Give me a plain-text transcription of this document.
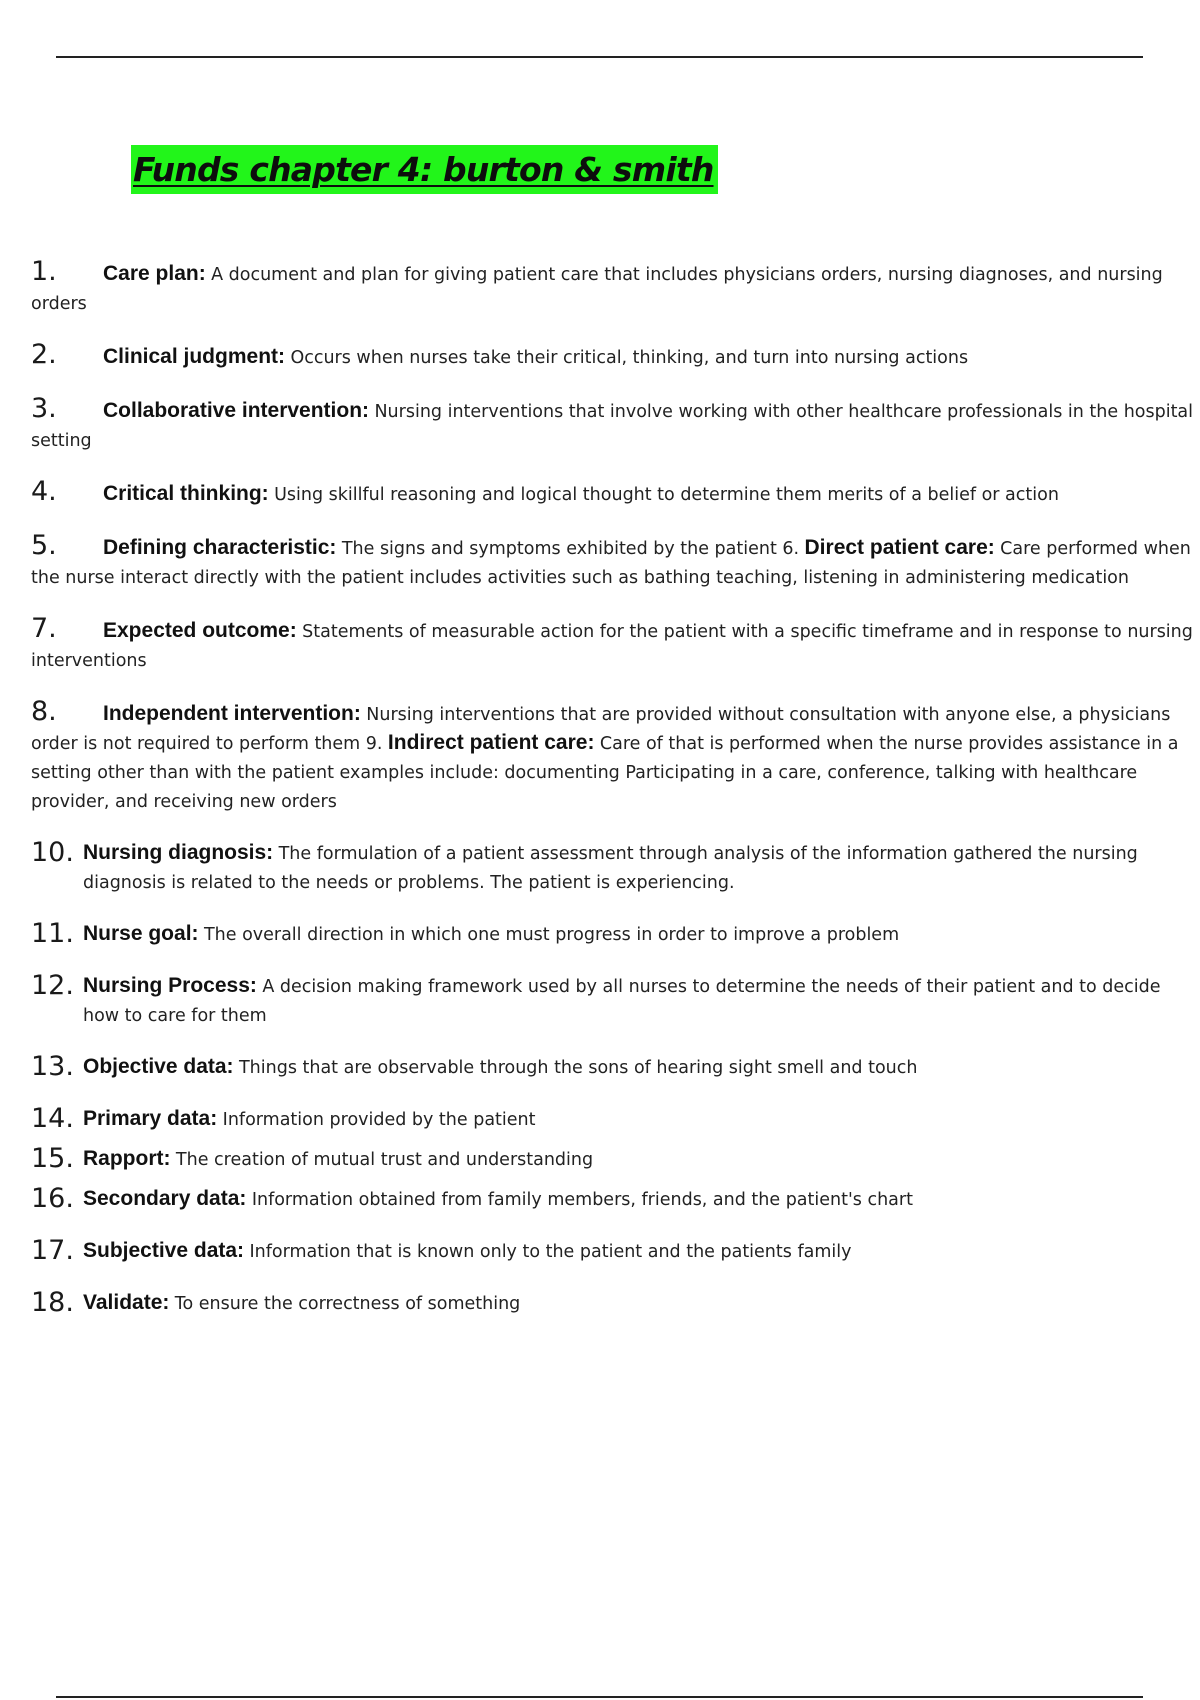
Funds chapter 4: burton & smith
1. Care plan: A document and plan for giving patient care that includes physicians orders, nursing diagnoses, and nursing orders
2. Clinical judgment: Occurs when nurses take their critical, thinking, and turn into nursing actions
3. Collaborative intervention: Nursing interventions that involve working with other healthcare professionals in the hospital setting
4. Critical thinking: Using skillful reasoning and logical thought to determine them merits of a belief or action
5. Defining characteristic: The signs and symptoms exhibited by the patient 6. Direct patient care: Care performed when the nurse interact directly with the patient includes activities such as bathing teaching, listening in administering medication
7. Expected outcome: Statements of measurable action for the patient with a specific timeframe and in response to nursing interventions
8. Independent intervention: Nursing interventions that are provided without consultation with anyone else, a physicians order is not required to perform them 9. Indirect patient care: Care of that is performed when the nurse provides assistance in a setting other than with the patient examples include: documenting Participating in a care, conference, talking with healthcare provider, and receiving new orders
10. Nursing diagnosis: The formulation of a patient assessment through analysis of the information gathered the nursing diagnosis is related to the needs or problems. The patient is experiencing.
11. Nurse goal: The overall direction in which one must progress in order to improve a problem
12. Nursing Process: A decision making framework used by all nurses to determine the needs of their patient and to decide how to care for them
13. Objective data: Things that are observable through the sons of hearing sight smell and touch
14. Primary data: Information provided by the patient
15. Rapport: The creation of mutual trust and understanding
16. Secondary data: Information obtained from family members, friends, and the patient's chart
17. Subjective data: Information that is known only to the patient and the patients family
18. Validate: To ensure the correctness of something
